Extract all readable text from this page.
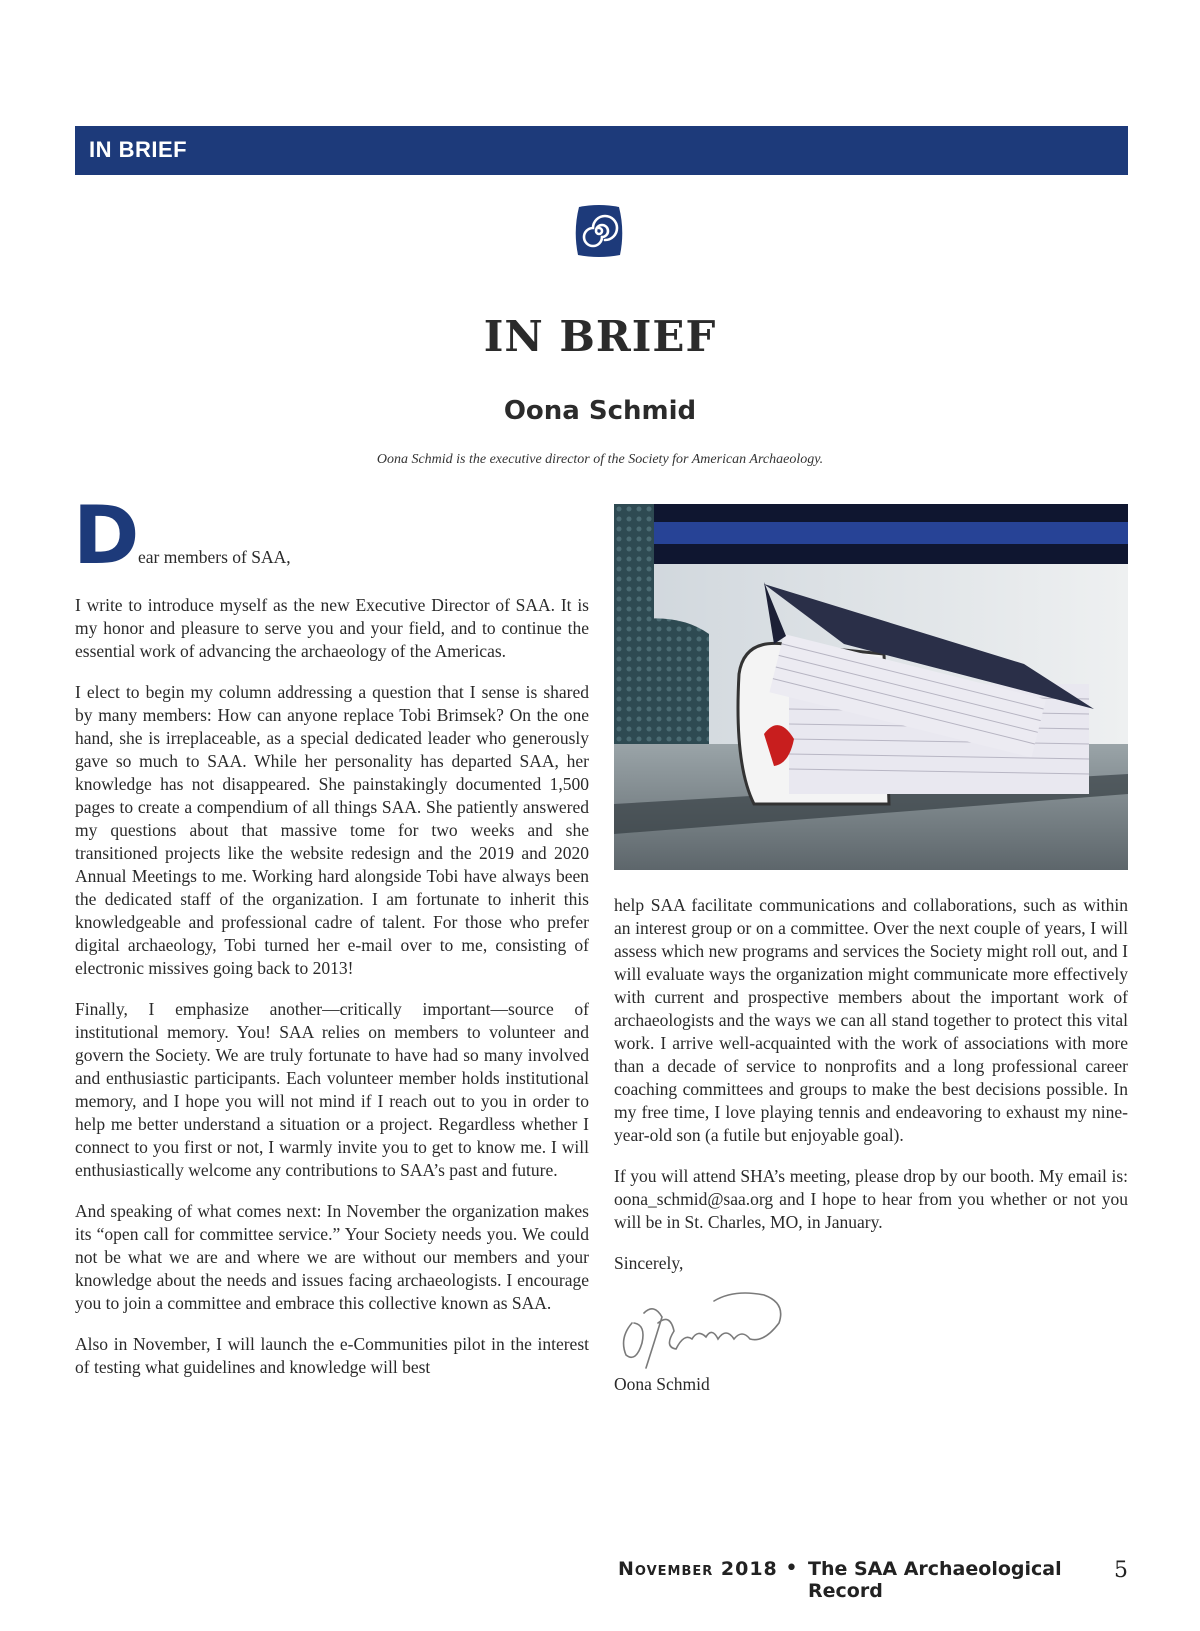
IN BRIEF
IN BRIEF
Oona Schmid
Oona Schmid is the executive director of the Society for American Archaeology.
D
ear members of SAA,

I write to introduce myself as the new Executive Director of SAA. It is my honor and pleasure to serve you and your field, and to continue the essential work of advancing the archaeology of the Americas.

I elect to begin my column addressing a question that I sense is shared by many members: How can anyone replace Tobi Brimsek? On the one hand, she is irreplaceable, as a special dedicated leader who generously gave so much to SAA. While her personality has departed SAA, her knowledge has not disappeared. She painstakingly documented 1,500 pages to create a compendium of all things SAA. She patiently answered my questions about that massive tome for two weeks and she transitioned projects like the website redesign and the 2019 and 2020 Annual Meetings to me. Working hard alongside Tobi have always been the dedicated staff of the organization. I am fortunate to inherit this knowledgeable and professional cadre of talent. For those who prefer digital archaeology, Tobi turned her e-mail over to me, consisting of electronic missives going back to 2013!

Finally, I emphasize another—critically important—source of institutional memory. You! SAA relies on members to volunteer and govern the Society. We are truly fortunate to have had so many involved and enthusiastic participants. Each volunteer member holds institutional memory, and I hope you will not mind if I reach out to you in order to help me better understand a situation or a project. Regardless whether I connect to you first or not, I warmly invite you to get to know me. I will enthusiastically welcome any contributions to SAA’s past and future.

And speaking of what comes next: In November the organization makes its “open call for committee service.” Your Society needs you. We could not be what we are and where we are without our members and your knowledge about the needs and issues facing archaeologists. I encourage you to join a committee and embrace this collective known as SAA.

Also in November, I will launch the e-Communities pilot in the interest of testing what guidelines and knowledge will best

help SAA facilitate communications and collaborations, such as within an interest group or on a committee. Over the next couple of years, I will assess which new programs and services the Society might roll out, and I will evaluate ways the organization might communicate more effectively with current and prospective members about the important work of archaeologists and the ways we can all stand together to protect this vital work. I arrive well-acquainted with the work of associations with more than a decade of service to nonprofits and a long professional career coaching committees and groups to make the best decisions possible. In my free time, I love playing tennis and endeavoring to exhaust my nine-year-old son (a futile but enjoyable goal).

If you will attend SHA’s meeting, please drop by our booth. My email is: oona_schmid@saa.org and I hope to hear from you whether or not you will be in St. Charles, MO, in January.

Sincerely,

Oona Schmid

November 2018 • The SAA Archaeological Record
5
